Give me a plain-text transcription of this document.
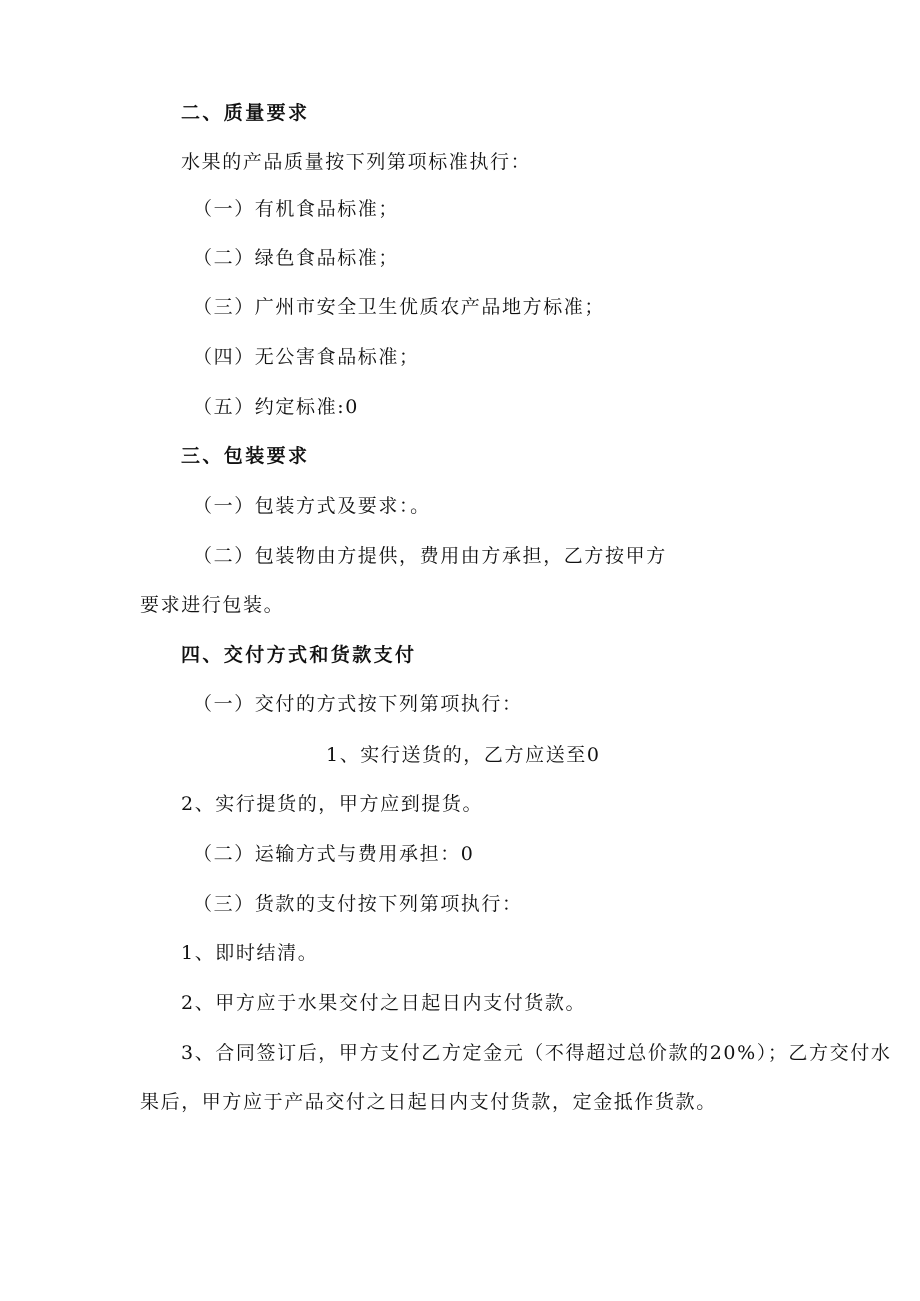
二、质量要求
水果的产品质量按下列第项标准执行：
（一）有机食品标准；
（二）绿色食品标准；
（三）广州市安全卫生优质农产品地方标准；
（四）无公害食品标准；
（五）约定标准:0
三、包装要求
（一）包装方式及要求：。
（二）包装物由方提供，费用由方承担，乙方按甲方
要求进行包装。
四、交付方式和货款支付
（一）交付的方式按下列第项执行：
1、实行送货的，乙方应送至0
2、实行提货的，甲方应到提货。
（二）运输方式与费用承担：0
（三）货款的支付按下列第项执行：
1、即时结清。
2、甲方应于水果交付之日起日内支付货款。
3、合同签订后，甲方支付乙方定金元（不得超过总价款的20%）；乙方交付水
果后，甲方应于产品交付之日起日内支付货款，定金抵作货款。
